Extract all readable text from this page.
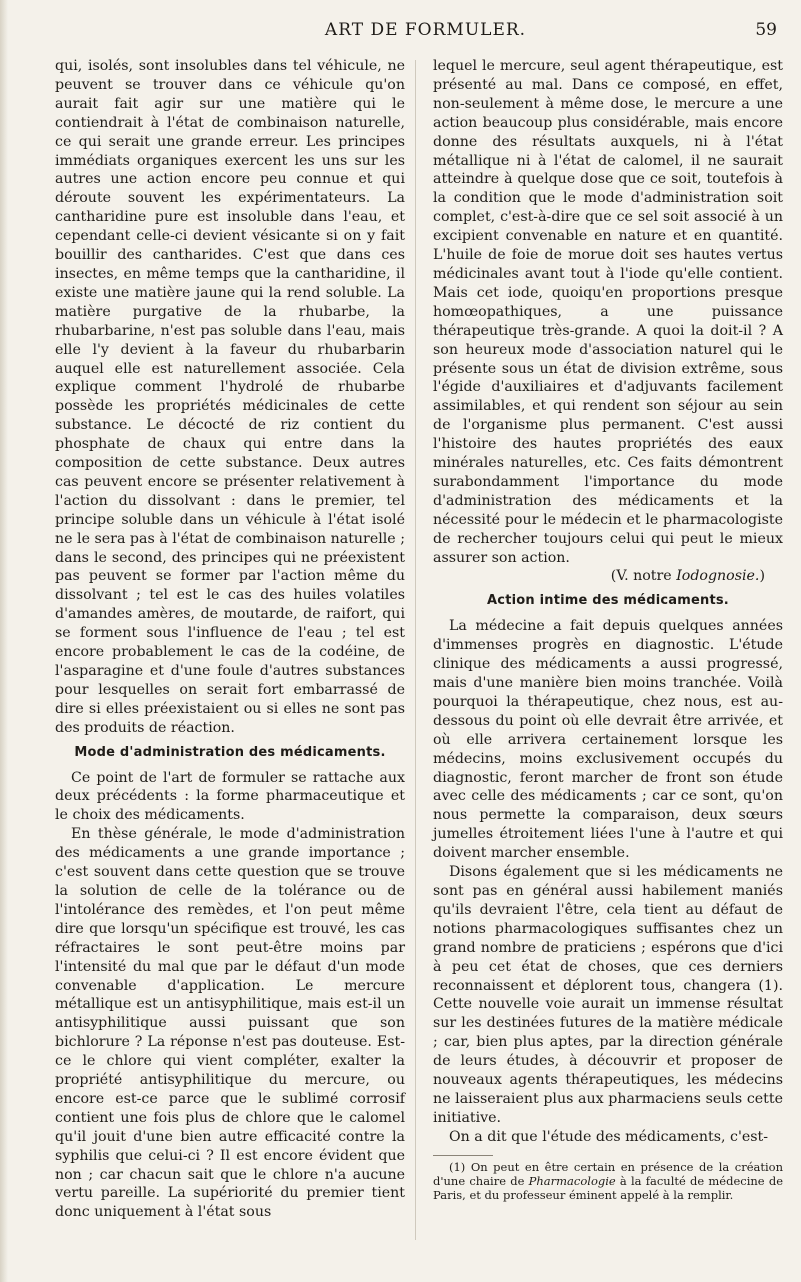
ART DE FORMULER.	59

qui, isolés, sont insolubles dans tel véhicule, ne peuvent se trouver dans ce véhicule qu'on aurait fait agir sur une matière qui le contiendrait à l'état de combinaison naturelle, ce qui serait une grande erreur. Les principes immédiats organiques exercent les uns sur les autres une action encore peu connue et qui déroute souvent les expérimentateurs. La cantharidine pure est insoluble dans l'eau, et cependant celle-ci devient vésicante si on y fait bouillir des cantharides. C'est que dans ces insectes, en même temps que la cantharidine, il existe une matière jaune qui la rend soluble. La matière purgative de la rhubarbe, la rhubarbarine, n'est pas soluble dans l'eau, mais elle l'y devient à la faveur du rhubarbarin auquel elle est naturellement associée. Cela explique comment l'hydrolé de rhubarbe possède les propriétés médicinales de cette substance. Le décocté de riz contient du phosphate de chaux qui entre dans la composition de cette substance. Deux autres cas peuvent encore se présenter relativement à l'action du dissolvant : dans le premier, tel principe soluble dans un véhicule à l'état isolé ne le sera pas à l'état de combinaison naturelle ; dans le second, des principes qui ne préexistent pas peuvent se former par l'action même du dissolvant ; tel est le cas des huiles volatiles d'amandes amères, de moutarde, de raifort, qui se forment sous l'influence de l'eau ; tel est encore probablement le cas de la codéine, de l'asparagine et d'une foule d'autres substances pour lesquelles on serait fort embarrassé de dire si elles préexistaient ou si elles ne sont pas des produits de réaction.

Mode d'administration des médicaments.

Ce point de l'art de formuler se rattache aux deux précédents : la forme pharmaceutique et le choix des médicaments.

En thèse générale, le mode d'administration des médicaments a une grande importance ; c'est souvent dans cette question que se trouve la solution de celle de la tolérance ou de l'intolérance des remèdes, et l'on peut même dire que lorsqu'un spécifique est trouvé, les cas réfractaires le sont peut-être moins par l'intensité du mal que par le défaut d'un mode convenable d'application. Le mercure métallique est un antisyphilitique, mais est-il un antisyphilitique aussi puissant que son bichlorure ? La réponse n'est pas douteuse. Est-ce le chlore qui vient compléter, exalter la propriété antisyphilitique du mercure, ou encore est-ce parce que le sublimé corrosif contient une fois plus de chlore que le calomel qu'il jouit d'une bien autre efficacité contre la syphilis que celui-ci ? Il est encore évident que non ; car chacun sait que le chlore n'a aucune vertu pareille. La supériorité du premier tient donc uniquement à l'état sous

lequel le mercure, seul agent thérapeutique, est présenté au mal. Dans ce composé, en effet, non-seulement à même dose, le mercure a une action beaucoup plus considérable, mais encore donne des résultats auxquels, ni à l'état métallique ni à l'état de calomel, il ne saurait atteindre à quelque dose que ce soit, toutefois à la condition que le mode d'administration soit complet, c'est-à-dire que ce sel soit associé à un excipient convenable en nature et en quantité. L'huile de foie de morue doit ses hautes vertus médicinales avant tout à l'iode qu'elle contient. Mais cet iode, quoiqu'en proportions presque homœopathiques, a une puissance thérapeutique très-grande. A quoi la doit-il ? A son heureux mode d'association naturel qui le présente sous un état de division extrême, sous l'égide d'auxiliaires et d'adjuvants facilement assimilables, et qui rendent son séjour au sein de l'organisme plus permanent. C'est aussi l'histoire des hautes propriétés des eaux minérales naturelles, etc. Ces faits démontrent surabondamment l'importance du mode d'administration des médicaments et la nécessité pour le médecin et le pharmacologiste de rechercher toujours celui qui peut le mieux assurer son action.

(V. notre Iodognosie.)

Action intime des médicaments.

La médecine a fait depuis quelques années d'immenses progrès en diagnostic. L'étude clinique des médicaments a aussi progressé, mais d'une manière bien moins tranchée. Voilà pourquoi la thérapeutique, chez nous, est au-dessous du point où elle devrait être arrivée, et où elle arrivera certainement lorsque les médecins, moins exclusivement occupés du diagnostic, feront marcher de front son étude avec celle des médicaments ; car ce sont, qu'on nous permette la comparaison, deux sœurs jumelles étroitement liées l'une à l'autre et qui doivent marcher ensemble.

Disons également que si les médicaments ne sont pas en général aussi habilement maniés qu'ils devraient l'être, cela tient au défaut de notions pharmacologiques suffisantes chez un grand nombre de praticiens ; espérons que d'ici à peu cet état de choses, que ces derniers reconnaissent et déplorent tous, changera (1). Cette nouvelle voie aurait un immense résultat sur les destinées futures de la matière médicale ; car, bien plus aptes, par la direction générale de leurs études, à découvrir et proposer de nouveaux agents thérapeutiques, les médecins ne laisseraient plus aux pharmaciens seuls cette initiative.

On a dit que l'étude des médicaments, c'est-

(1) On peut en être certain en présence de la création d'une chaire de Pharmacologie à la faculté de médecine de Paris, et du professeur éminent appelé à la remplir.
